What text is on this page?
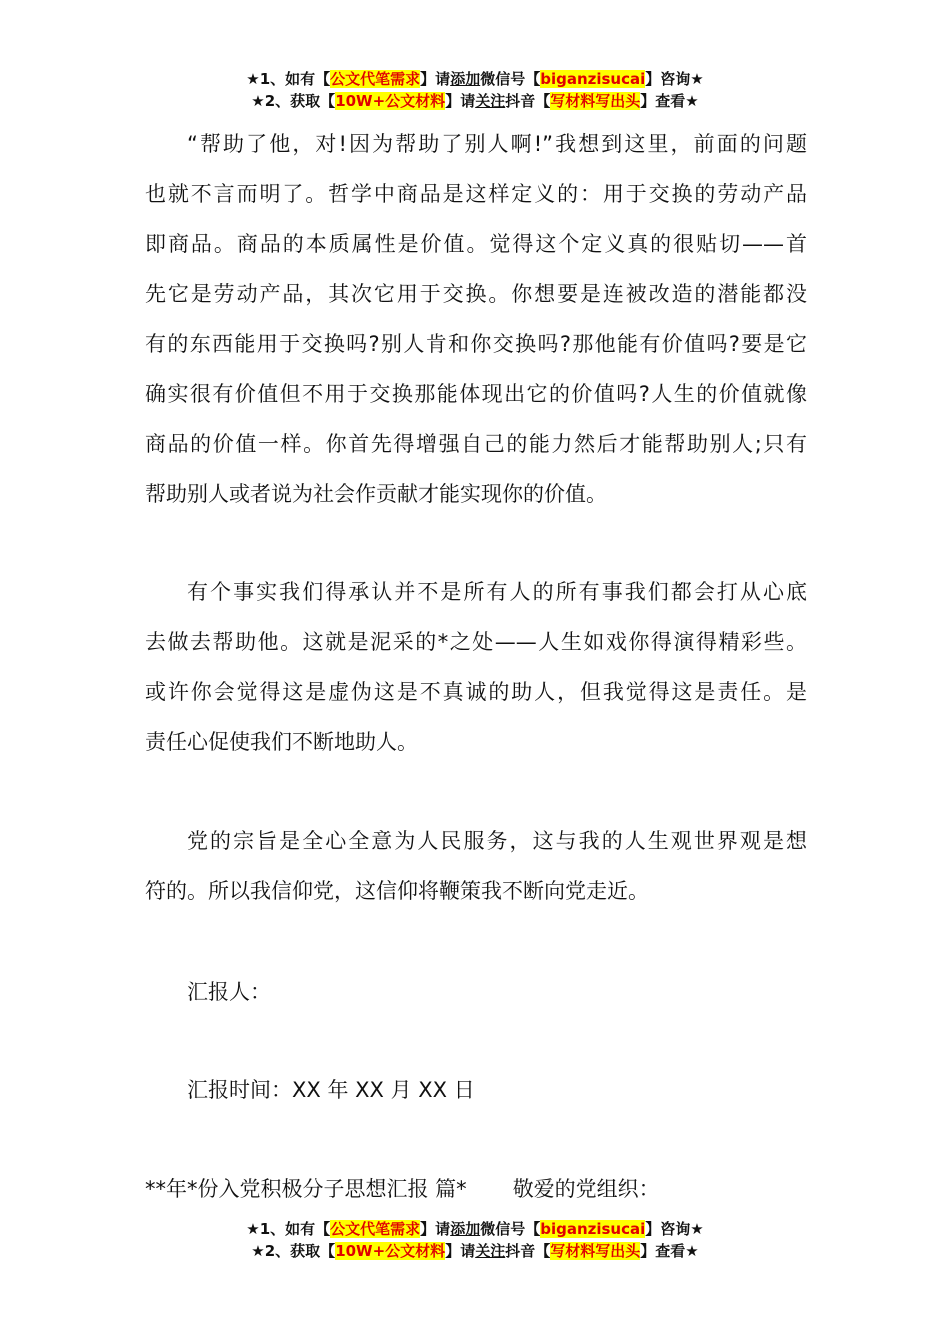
★1、如有【公文代笔需求】请添加微信号【biganzisucai】咨询★
★2、获取【10W+公文材料】请关注抖音【写材料写出头】查看★
“帮助了他，对!因为帮助了别人啊!”我想到这里，前面的问题
也就不言而明了。哲学中商品是这样定义的：用于交换的劳动产品
即商品。商品的本质属性是价值。觉得这个定义真的很贴切——首
先它是劳动产品，其次它用于交换。你想要是连被改造的潜能都没
有的东西能用于交换吗?别人肯和你交换吗?那他能有价值吗?要是它
确实很有价值但不用于交换那能体现出它的价值吗?人生的价值就像
商品的价值一样。你首先得增强自己的能力然后才能帮助别人;只有
帮助别人或者说为社会作贡献才能实现你的价值。
有个事实我们得承认并不是所有人的所有事我们都会打从心底
去做去帮助他。这就是泥采的*之处——人生如戏你得演得精彩些。
或许你会觉得这是虚伪这是不真诚的助人，但我觉得这是责任。是
责任心促使我们不断地助人。
党的宗旨是全心全意为人民服务，这与我的人生观世界观是想
符的。所以我信仰党，这信仰将鞭策我不断向党走近。
汇报人：
汇报时间：XX 年 XX 月 XX 日
**年*份入党积极分子思想汇报 篇* 敬爱的党组织：
★1、如有【公文代笔需求】请添加微信号【biganzisucai】咨询★
★2、获取【10W+公文材料】请关注抖音【写材料写出头】查看★
